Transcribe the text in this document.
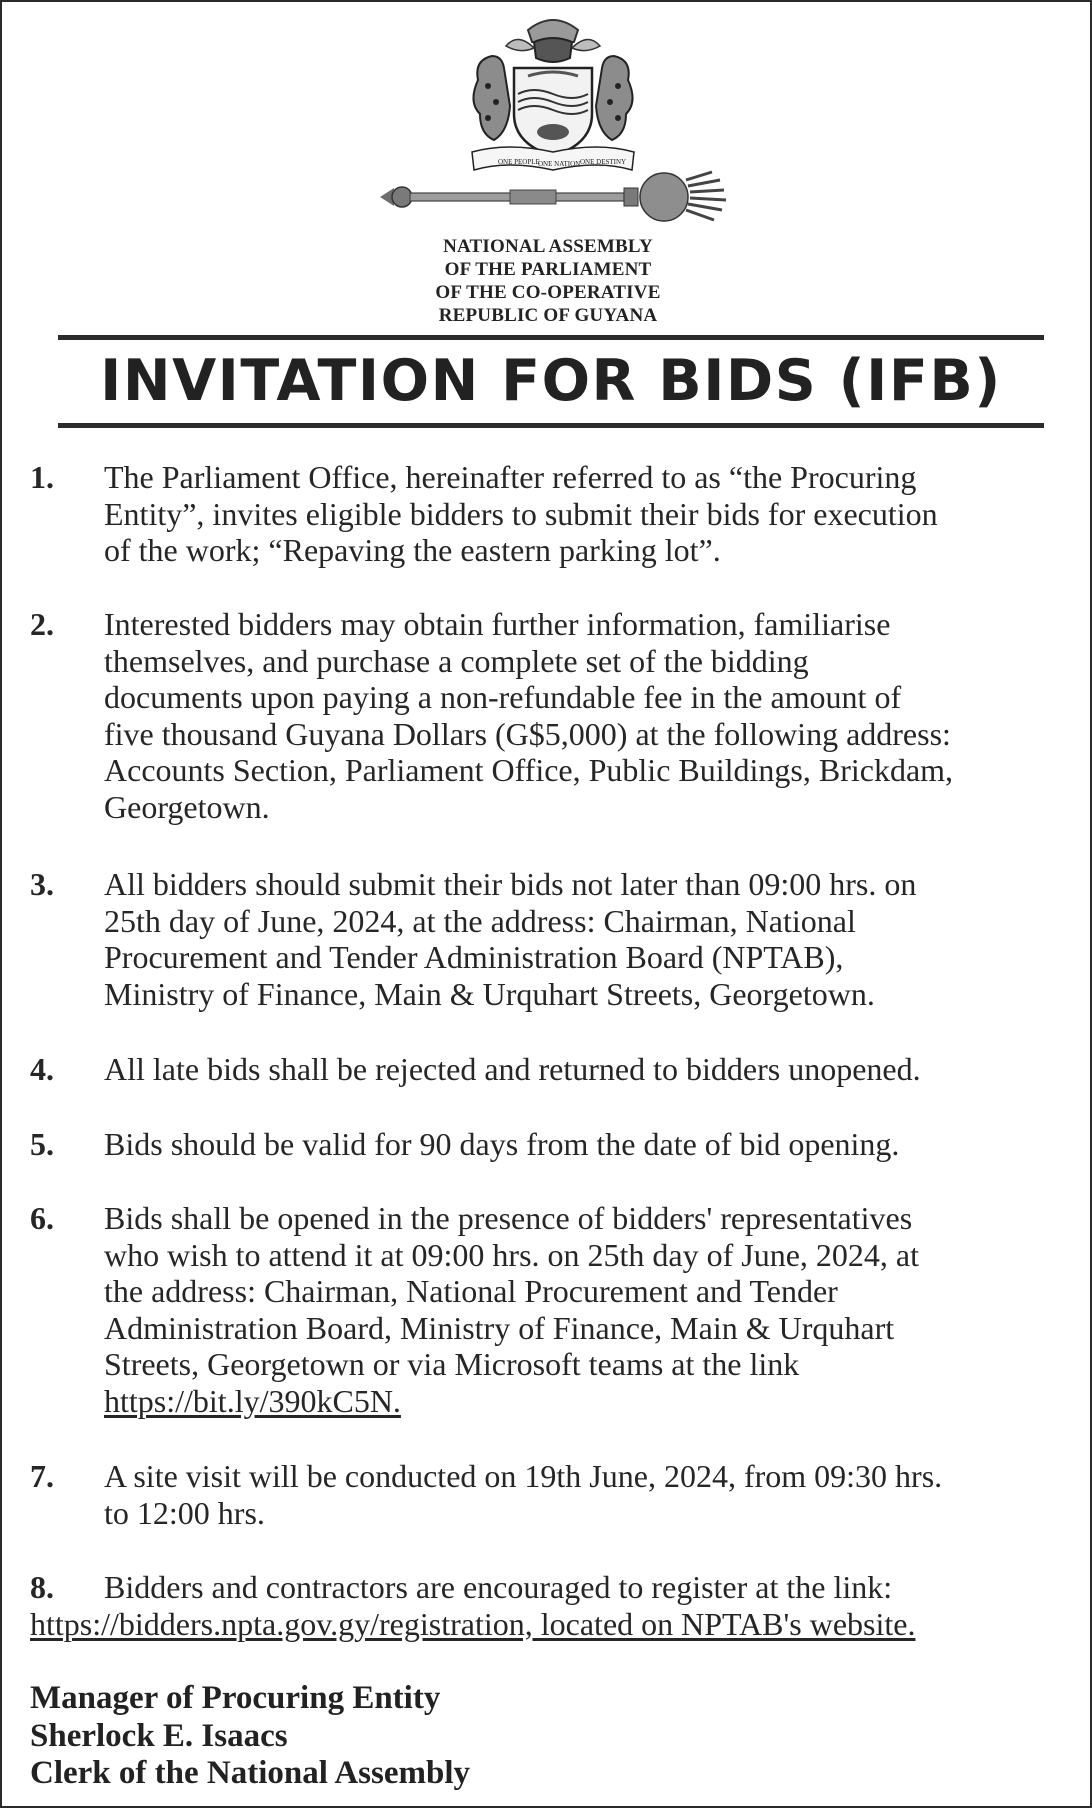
ONE PEOPLE
ONE NATION ONE DESTINY
NATIONAL ASSEMBLY
OF THE PARLIAMENT
OF THE CO-OPERATIVE
REPUBLIC OF GUYANA
INVITATION FOR BIDS (IFB)
1.	The Parliament Office, hereinafter referred to as “the Procuring
Entity”, invites eligible bidders to submit their bids for execution
of the work; “Repaving the eastern parking lot”.
2.	Interested bidders may obtain further information, familiarise
themselves, and purchase a complete set of the bidding
documents upon paying a non-refundable fee in the amount of
five thousand Guyana Dollars (G$5,000) at the following address:
Accounts Section, Parliament Office, Public Buildings, Brickdam,
Georgetown.
3.	All bidders should submit their bids not later than 09:00 hrs. on
25th day of June, 2024, at the address: Chairman, National
Procurement and Tender Administration Board (NPTAB),
Ministry of Finance, Main & Urquhart Streets, Georgetown.
4.	All late bids shall be rejected and returned to bidders unopened.
5.	Bids should be valid for 90 days from the date of bid opening.
6.	Bids shall be opened in the presence of bidders' representatives
who wish to attend it at 09:00 hrs. on 25th day of June, 2024, at
the address: Chairman, National Procurement and Tender
Administration Board, Ministry of Finance, Main & Urquhart
Streets, Georgetown or via Microsoft teams at the link
https://bit.ly/390kC5N.
7.	A site visit will be conducted on 19th June, 2024, from 09:30 hrs.
to 12:00 hrs.
8. Bidders and contractors are encouraged to register at the link:
https://bidders.npta.gov.gy/registration, located on NPTAB's website.
Manager of Procuring Entity
Sherlock E. Isaacs
Clerk of the National Assembly
